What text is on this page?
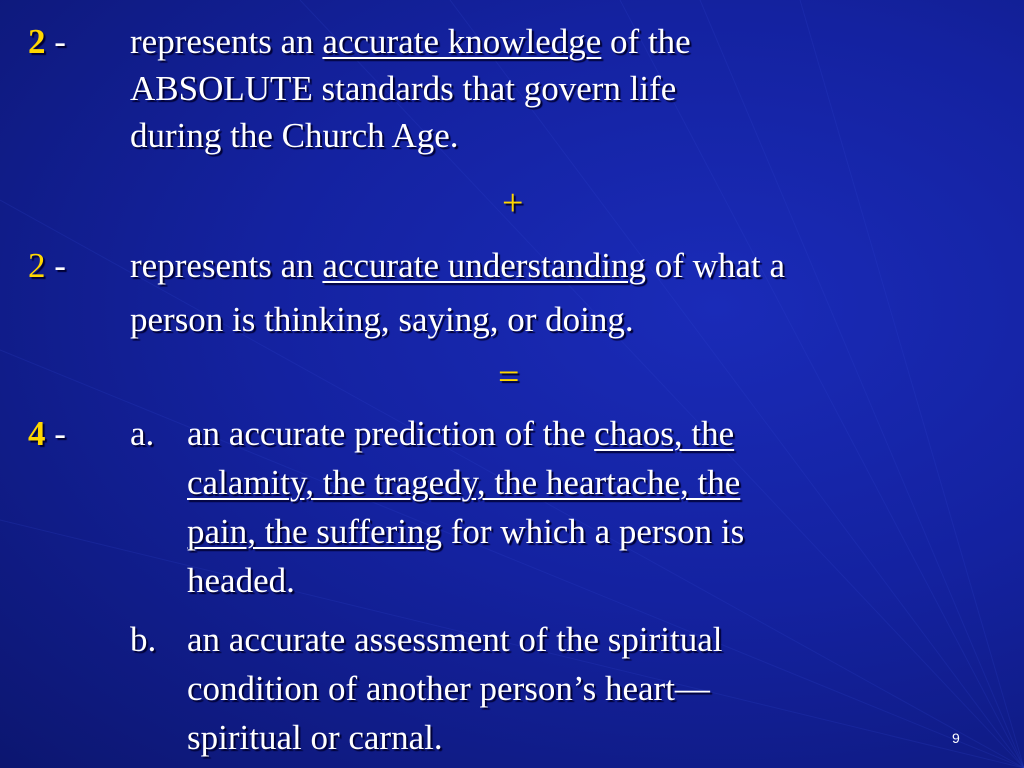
2 - represents an accurate knowledge of the
ABSOLUTE standards that govern life
during the Church Age.
+
2 - represents an accurate understanding of what a
person is thinking, saying, or doing.
=
4 - a. an accurate prediction of the chaos, the
calamity, the tragedy, the heartache, the
pain, the suffering for which a person is
headed.
b. an accurate assessment of the spiritual
condition of another person’s heart—
spiritual or carnal.	9
